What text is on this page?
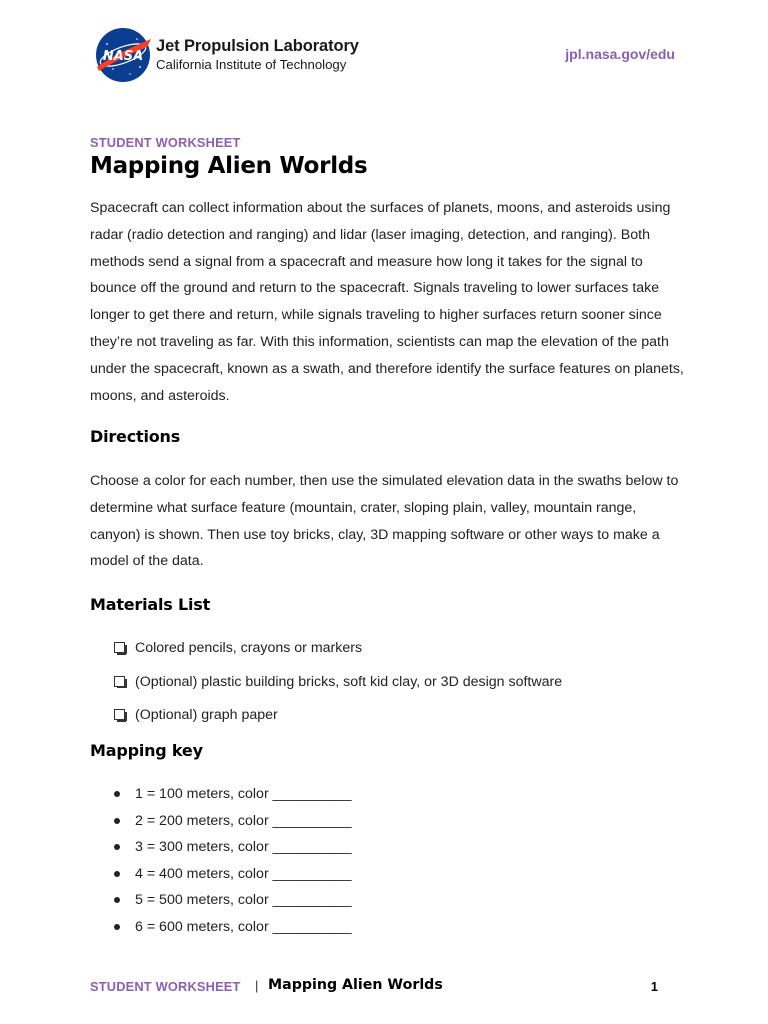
NASA
Jet Propulsion Laboratory
California Institute of Technology
jpl.nasa.gov/edu
STUDENT WORKSHEET
Mapping Alien Worlds

Spacecraft can collect information about the surfaces of planets, moons, and asteroids using radar (radio detection and ranging) and lidar (laser imaging, detection, and ranging). Both methods send a signal from a spacecraft and measure how long it takes for the signal to bounce off the ground and return to the spacecraft. Signals traveling to lower surfaces take longer to get there and return, while signals traveling to higher surfaces return sooner since they’re not traveling as far. With this information, scientists can map the elevation of the path under the spacecraft, known as a swath, and therefore identify the surface features on planets, moons, and asteroids.

Directions

Choose a color for each number, then use the simulated elevation data in the swaths below to determine what surface feature (mountain, crater, sloping plain, valley, mountain range, canyon) is shown. Then use toy bricks, clay, 3D mapping software or other ways to make a model of the data.

Materials List
Colored pencils, crayons or markers
(Optional) plastic building bricks, soft kid clay, or 3D design software
(Optional) graph paper
Mapping key
1 = 100 meters, color __________
2 = 200 meters, color __________
3 = 300 meters, color __________
4 = 400 meters, color __________
5 = 500 meters, color __________
6 = 600 meters, color __________
STUDENT WORKSHEET | Mapping Alien Worlds	1
